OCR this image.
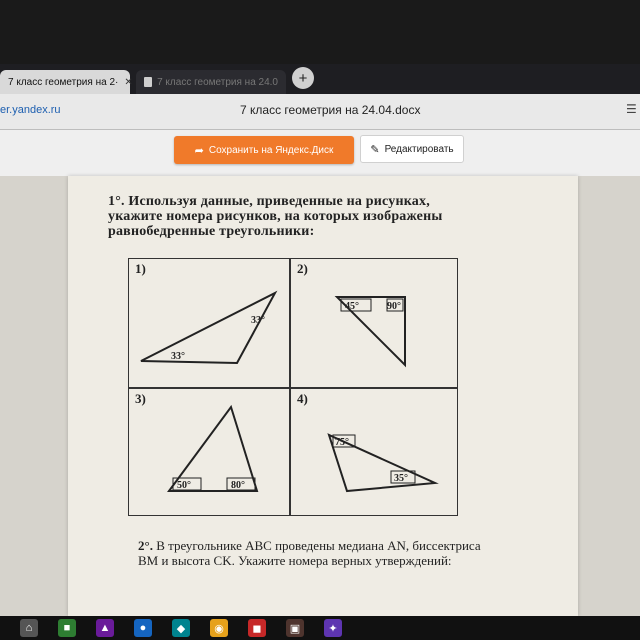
7 класс геометрия на 2· ✕ 7 класс геометрия на 24.0 +
er.yandex.ru	7 класс геометрия на 24.04.docx	☰
➦ Сохранить на Яндекс.Диск	✎ Редактировать
1°. Используя данные, приведенные на рисунках, укажите номера рисунков, на которых изображены равнобедренные треугольники:
1)	2)
3)	4)
33°
33°
45°	90°
50°	80°
75°
35°
2°. В треугольнике ABC проведены медиана AN, биссектриса BM и высота CK. Укажите номера верных утверждений:
⌂	■	▲	●	◆	◉	◼	▣	✦
